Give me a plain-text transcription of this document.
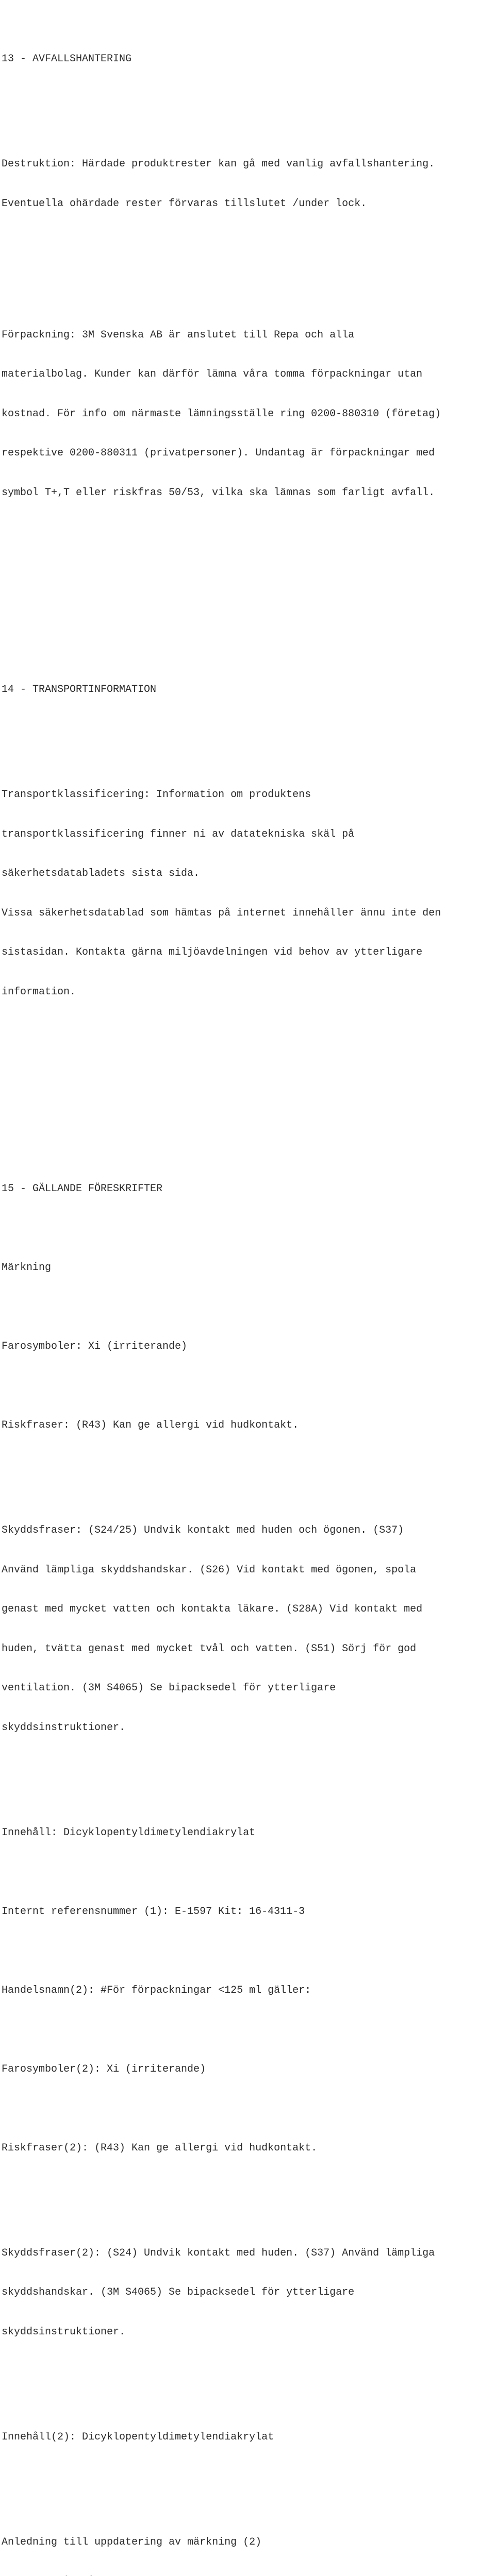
13 - AVFALLSHANTERING

Destruktion: Härdade produktrester kan gå med vanlig avfallshantering.

Eventuella ohärdade rester förvaras tillslutet /under lock.

Förpackning: 3M Svenska AB är anslutet till Repa och alla

materialbolag. Kunder kan därför lämna våra tomma förpackningar utan

kostnad. För info om närmaste lämningsställe ring 0200-880310 (företag)

respektive 0200-880311 (privatpersoner). Undantag är förpackningar med

symbol T+,T eller riskfras 50/53, vilka ska lämnas som farligt avfall.

14 - TRANSPORTINFORMATION

Transportklassificering: Information om produktens

transportklassificering finner ni av datatekniska skäl på

säkerhetsdatabladets sista sida.

Vissa säkerhetsdatablad som hämtas på internet innehåller ännu inte den

sistasidan. Kontakta gärna miljöavdelningen vid behov av ytterligare

information.

15 - GÄLLANDE FÖRESKRIFTER

Märkning

Farosymboler: Xi (irriterande)

Riskfraser: (R43) Kan ge allergi vid hudkontakt.

Skyddsfraser: (S24/25) Undvik kontakt med huden och ögonen. (S37)

Använd lämpliga skyddshandskar. (S26) Vid kontakt med ögonen, spola

genast med mycket vatten och kontakta läkare. (S28A) Vid kontakt med

huden, tvätta genast med mycket tvål och vatten. (S51) Sörj för god

ventilation. (3M S4065) Se bipacksedel för ytterligare

skyddsinstruktioner.

Innehåll: Dicyklopentyldimetylendiakrylat

Internt referensnummer (1): E-1597 Kit: 16-4311-3

Handelsnamn(2): #För förpackningar <125 ml gäller:

Farosymboler(2): Xi (irriterande)

Riskfraser(2): (R43) Kan ge allergi vid hudkontakt.

Skyddsfraser(2): (S24) Undvik kontakt med huden. (S37) Använd lämpliga

skyddshandskar. (3M S4065) Se bipacksedel för ytterligare

skyddsinstruktioner.

Innehåll(2): Dicyklopentyldimetylendiakrylat

Anledning till uppdatering av märkning (2)
